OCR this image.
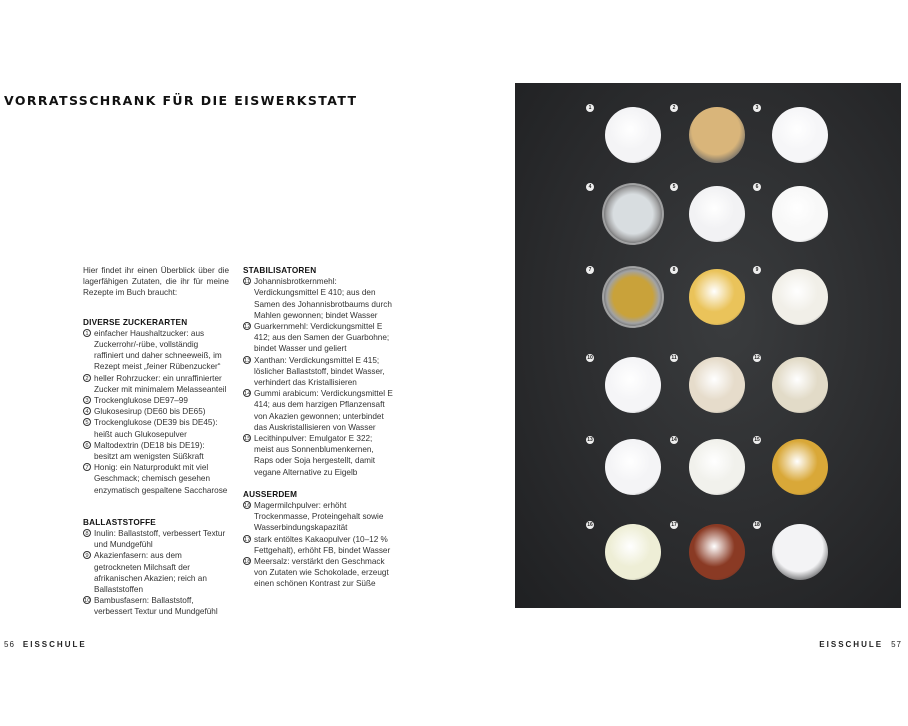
VORRATSSCHRANK FÜR DIE EISWERKSTATT

Hier findet ihr einen Überblick über die lagerfähigen Zutaten, die ihr für meine Rezepte im Buch braucht:

DIVERSE ZUCKERARTEN

1 einfacher Haushaltzucker: aus Zuckerrohr/-rübe, vollständig raffiniert und daher schneeweiß, im Rezept meist „feiner Rübenzucker“
2 heller Rohrzucker: ein unraffinierter Zucker mit minimalem Melasseanteil
3 Trockenglukose DE97–99
4 Glukosesirup (DE60 bis DE65)
5 Trockenglukose (DE39 bis DE45): heißt auch Glukosepulver
6 Maltodextrin (DE18 bis DE19): besitzt am wenigsten Süßkraft
7 Honig: ein Naturprodukt mit viel Geschmack; chemisch gesehen enzymatisch gespaltene Saccharose

BALLASTSTOFFE

8 Inulin: Ballaststoff, verbessert Textur und Mundgefühl
9 Akazienfasern: aus dem getrockneten Milchsaft der afrikanischen Akazien; reich an Ballaststoffen
10 Bambusfasern: Ballaststoff, verbessert Textur und Mundgefühl

STABILISATOREN

11 Johannisbrotkernmehl: Verdickungsmittel E 410; aus den Samen des Johannisbrotbaums durch Mahlen gewonnen; bindet Wasser
12 Guarkernmehl: Verdickungsmittel E 412; aus den Samen der Guarbohne; bindet Wasser und geliert
13 Xanthan: Verdickungsmittel E 415; löslicher Ballaststoff, bindet Wasser, verhindert das Kristallisieren
14 Gummi arabicum: Verdickungsmittel E 414; aus dem harzigen Pflanzensaft von Akazien gewonnen; unterbindet das Auskristallisieren von Wasser
15 Lecithinpulver: Emulgator E 322; meist aus Sonnenblumenkernen, Raps oder Soja hergestellt, damit vegane Alternative zu Eigelb

AUSSERDEM

16 Magermilchpulver: erhöht Trockenmasse, Proteingehalt sowie Wasserbindungskapazität
17 stark entöltes Kakaopulver (10–12 % Fettgehalt), erhöht FB, bindet Wasser
18 Meersalz: verstärkt den Geschmack von Zutaten wie Schokolade, erzeugt einen schönen Kontrast zur Süße
1	2	3
4	5	6
7	8	9
10	11	12
13	14	15
16	17	18
56 EISSCHULE	EISSCHULE 57
